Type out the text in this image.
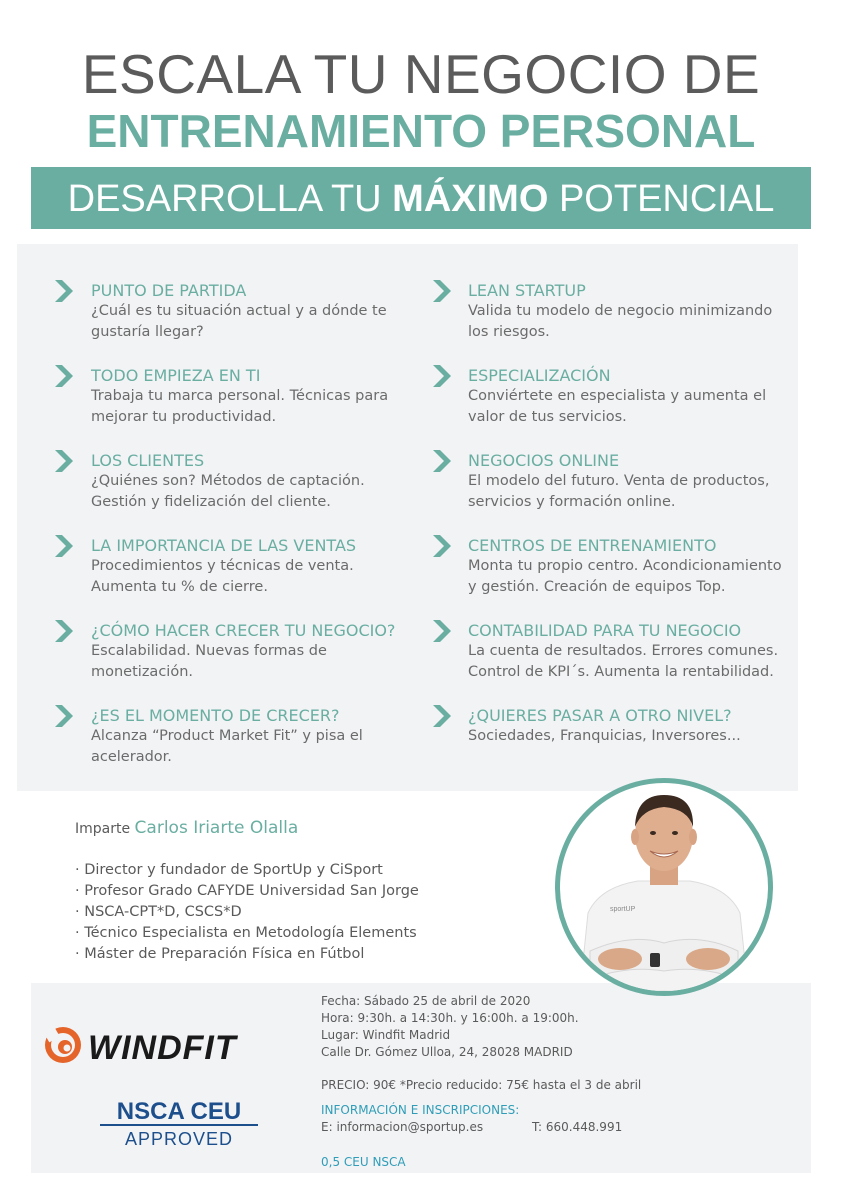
ESCALA TU NEGOCIO DE
ENTRENAMIENTO PERSONAL
DESARROLLA TU MÁXIMO POTENCIAL
PUNTO DE PARTIDA
¿Cuál es tu situación actual y a dónde te
gustaría llegar?
TODO EMPIEZA EN TI
Trabaja tu marca personal. Técnicas para
mejorar tu productividad.
LOS CLIENTES
¿Quiénes son? Métodos de captación.
Gestión y fidelización del cliente.
LA IMPORTANCIA DE LAS VENTAS
Procedimientos y técnicas de venta.
Aumenta tu % de cierre.
¿CÓMO HACER CRECER TU NEGOCIO?
Escalabilidad. Nuevas formas de
monetización.
¿ES EL MOMENTO DE CRECER?
Alcanza “Product Market Fit” y pisa el
acelerador.
LEAN STARTUP
Valida tu modelo de negocio minimizando
los riesgos.
ESPECIALIZACIÓN
Conviértete en especialista y aumenta el
valor de tus servicios.
NEGOCIOS ONLINE
El modelo del futuro. Venta de productos,
servicios y formación online.
CENTROS DE ENTRENAMIENTO
Monta tu propio centro. Acondicionamiento
y gestión. Creación de equipos Top.
CONTABILIDAD PARA TU NEGOCIO
La cuenta de resultados. Errores comunes.
Control de KPI´s. Aumenta la rentabilidad.
¿QUIERES PASAR A OTRO NIVEL?
Sociedades, Franquicias, Inversores...
Imparte Carlos Iriarte Olalla
· Director y fundador de SportUp y CiSport
· Profesor Grado CAFYDE Universidad San Jorge
· NSCA-CPT*D, CSCS*D
· Técnico Especialista en Metodología Elements
· Máster de Preparación Física en Fútbol
WINDFIT
NSCA CEU
APPROVED
Fecha: Sábado 25 de abril de 2020
Hora: 9:30h. a 14:30h. y 16:00h. a 19:00h.
Lugar: Windfit Madrid
Calle Dr. Gómez Ulloa, 24, 28028 MADRID
PRECIO: 90€ *Precio reducido: 75€ hasta el 3 de abril
INFORMACIÓN E INSCRIPCIONES:
E: informacion@sportup.es	T: 660.448.991
0,5 CEU NSCA
sportUP
